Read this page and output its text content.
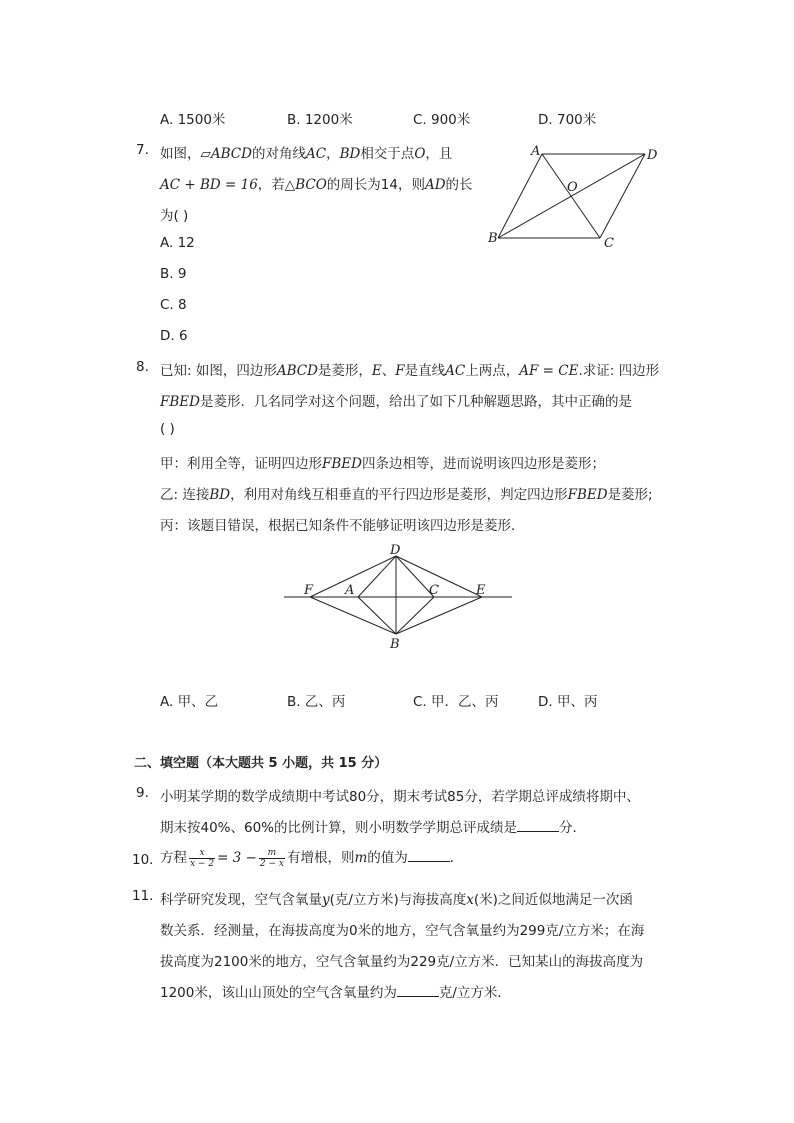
A. 1500米	B. 1200米	C. 900米	D. 700米
7. 如图，▱ABCD的对角线AC，BD相交于点O，且
AC + BD = 16，若△BCO的周长为14，则AD的长
为( )
A. 12
B. 9
C. 8
D. 6
A	D
O
B	C
8. 已知: 如图，四边形ABCD是菱形，E、F是直线AC上两点，AF = CE.求证: 四边形
FBED是菱形．几名同学对这个问题，给出了如下几种解题思路，其中正确的是
( )
甲：利用全等，证明四边形FBED四条边相等，进而说明该四边形是菱形；
乙: 连接BD，利用对角线互相垂直的平行四边形是菱形，判定四边形FBED是菱形;
丙：该题目错误，根据已知条件不能够证明该四边形是菱形．
D
F A	C	E
B
A. 甲、乙	B. 乙、丙	C. 甲．乙、丙	D. 甲、丙
二、填空题（本大题共 5 小题，共 15 分）
9. 小明某学期的数学成绩期中考试80分，期末考试85分，若学期总评成绩将期中、
期末按40%、60%的比例计算，则小明数学学期总评成绩是	分．
10. 方程 $\frac{x}{x - 2} = 3 - \frac{m}{2 - x}$ 有增根，则m的值为	．
11. 科学研究发现，空气含氧量y(克/立方米)与海拔高度x(米)之间近似地满足一次函
数关系．经测量，在海拔高度为0米的地方，空气含氧量约为299克/立方米；在海
拔高度为2100米的地方，空气含氧量约为229克/立方米．已知某山的海拔高度为
1200米，该山山顶处的空气含氧量约为	克/立方米．
